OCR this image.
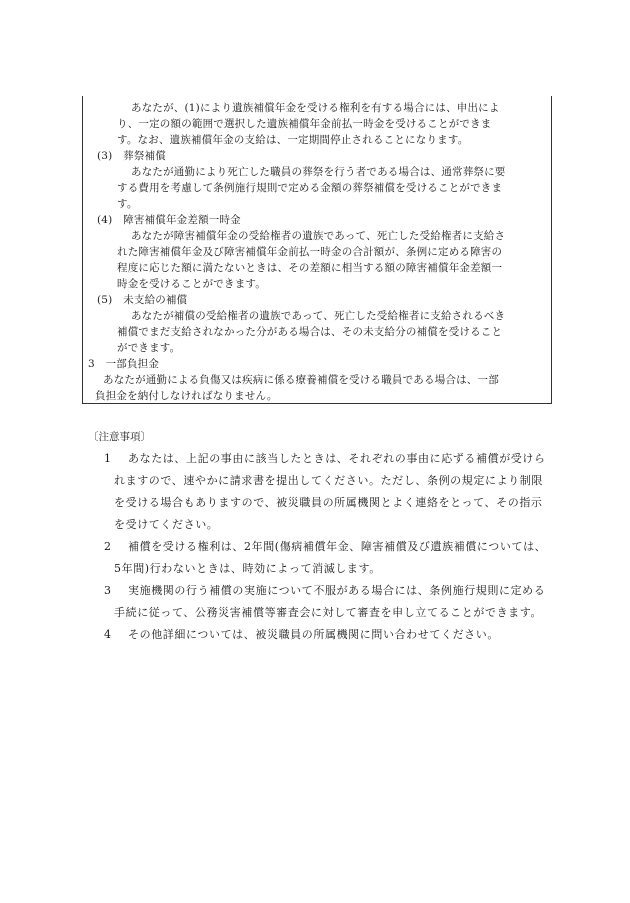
あなたが、(1)により遺族補償年金を受ける権利を有する場合には、申出によ
り、一定の額の範囲で選択した遺族補償年金前払一時金を受けることができま
す。なお、遺族補償年金の支給は、一定期間停止されることになります。
(3)　葬祭補償
あなたが通勤により死亡した職員の葬祭を行う者である場合は、通常葬祭に要
する費用を考慮して条例施行規則で定める金額の葬祭補償を受けることができま
す。
(4)　障害補償年金差額一時金
あなたが障害補償年金の受給権者の遺族であって、死亡した受給権者に支給さ
れた障害補償年金及び障害補償年金前払一時金の合計額が、条例に定める障害の
程度に応じた額に満たないときは、その差額に相当する額の障害補償年金差額一
時金を受けることができます。
(5)　未支給の補償
あなたが補償の受給権者の遺族であって、死亡した受給権者に支給されるべき
補償でまだ支給されなかった分がある場合は、その未支給分の補償を受けること
ができます。
3　一部負担金
あなたが通勤による負傷又は疾病に係る療養補償を受ける職員である場合は、一部
負担金を納付しなければなりません。
〔注意事項〕
1 あなたは、上記の事由に該当したときは、それぞれの事由に応ずる補償が受けら
れますので、速やかに請求書を提出してください。ただし、条例の規定により制限
を受ける場合もありますので、被災職員の所属機関とよく連絡をとって、その指示
を受けてください。
2 補償を受ける権利は、2年間(傷病補償年金、障害補償及び遺族補償については、
5年間)行わないときは、時効によって消滅します。
3 実施機関の行う補償の実施について不服がある場合には、条例施行規則に定める
手続に従って、公務災害補償等審査会に対して審査を申し立てることができます。
4 その他詳細については、被災職員の所属機関に問い合わせてください。
